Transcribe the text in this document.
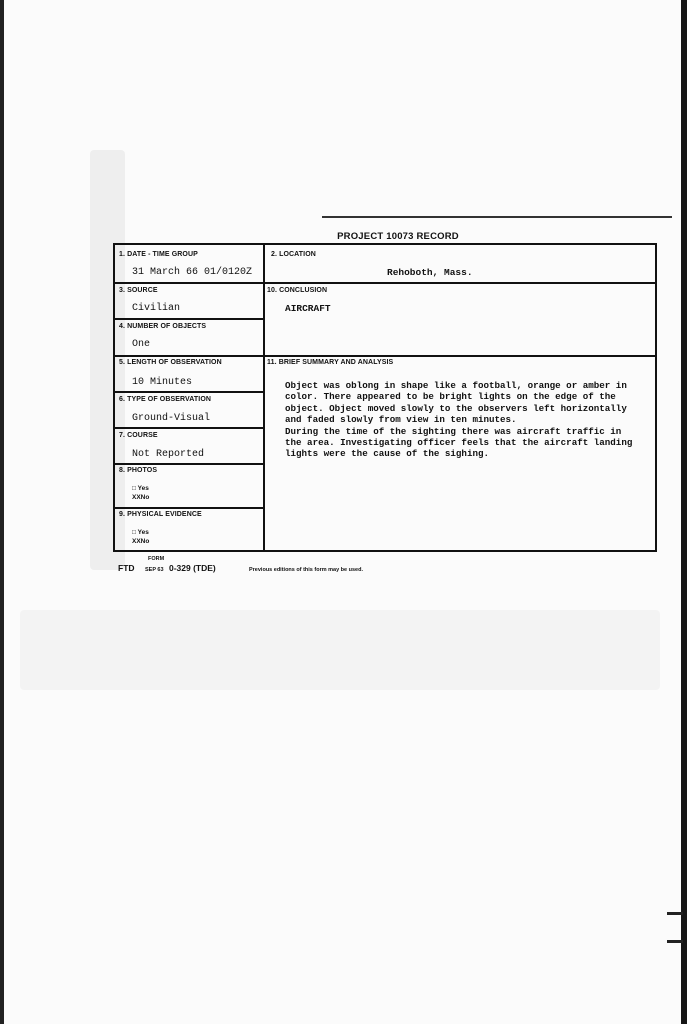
PROJECT 10073 RECORD
1. DATE - TIME GROUP
31 March 66 01/0120Z
2. LOCATION
Rehoboth, Mass.
3. SOURCE
Civilian
10. CONCLUSION
AIRCRAFT
4. NUMBER OF OBJECTS
One
5. LENGTH OF OBSERVATION
10 Minutes
11. BRIEF SUMMARY AND ANALYSIS
Object was oblong in shape like a football, orange or amber in
color. There appeared to be bright lights on the edge of the
object. Object moved slowly to the observers left horizontally
and faded slowly from view in ten minutes.
During the time of the sighting there was aircraft traffic in
the area. Investigating officer feels that the aircraft landing
lights were the cause of the sighing.
6. TYPE OF OBSERVATION
Ground-Visual
7. COURSE
Not Reported
8. PHOTOS
□ Yes
XXNo
9. PHYSICAL EVIDENCE
□ Yes
XXNo
FORM
FTD SEP 63 0-329 (TDE)	Previous editions of this form may be used.
